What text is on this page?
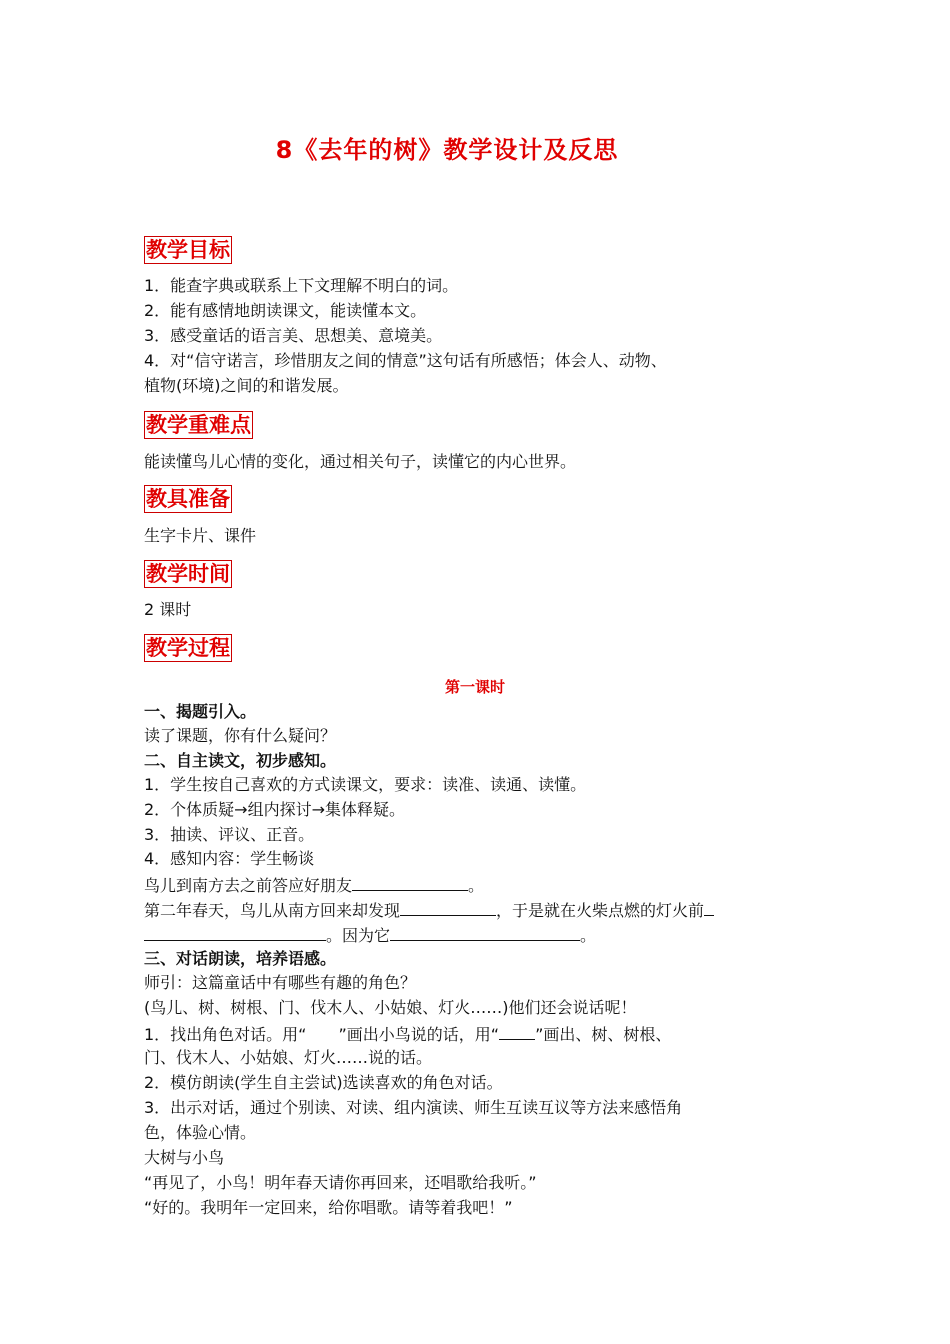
8《去年的树》教学设计及反思
教学目标
1．能查字典或联系上下文理解不明白的词。
2．能有感情地朗读课文，能读懂本文。
3．感受童话的语言美、思想美、意境美。
4．对“信守诺言，珍惜朋友之间的情意”这句话有所感悟；体会人、动物、
植物(环境)之间的和谐发展。
教学重难点
能读懂鸟儿心情的变化，通过相关句子，读懂它的内心世界。
教具准备
生字卡片、课件
教学时间
2 课时
教学过程
第一课时
一、揭题引入。
读了课题，你有什么疑问？
二、自主读文，初步感知。
1．学生按自己喜欢的方式读课文，要求：读准、读通、读懂。
2．个体质疑→组内探讨→集体释疑。
3．抽读、评议、正音。
4．感知内容：学生畅谈
鸟儿到南方去之前答应好朋友	。
第二年春天，鸟儿从南方回来却发现	，于是就在火柴点燃的灯火前
。因为它	。
三、对话朗读，培养语感。
师引：这篇童话中有哪些有趣的角色？
(鸟儿、树、树根、门、伐木人、小姑娘、灯火……)他们还会说话呢！
1．找出角色对话。用“ ”画出小鸟说的话，用“ ”画出、树、树根、
门、伐木人、小姑娘、灯火……说的话。
2．模仿朗读(学生自主尝试)选读喜欢的角色对话。
3．出示对话，通过个别读、对读、组内演读、师生互读互议等方法来感悟角
色，体验心情。
大树与小鸟
“再见了，小鸟！明年春天请你再回来，还唱歌给我听。”
“好的。我明年一定回来，给你唱歌。请等着我吧！”
